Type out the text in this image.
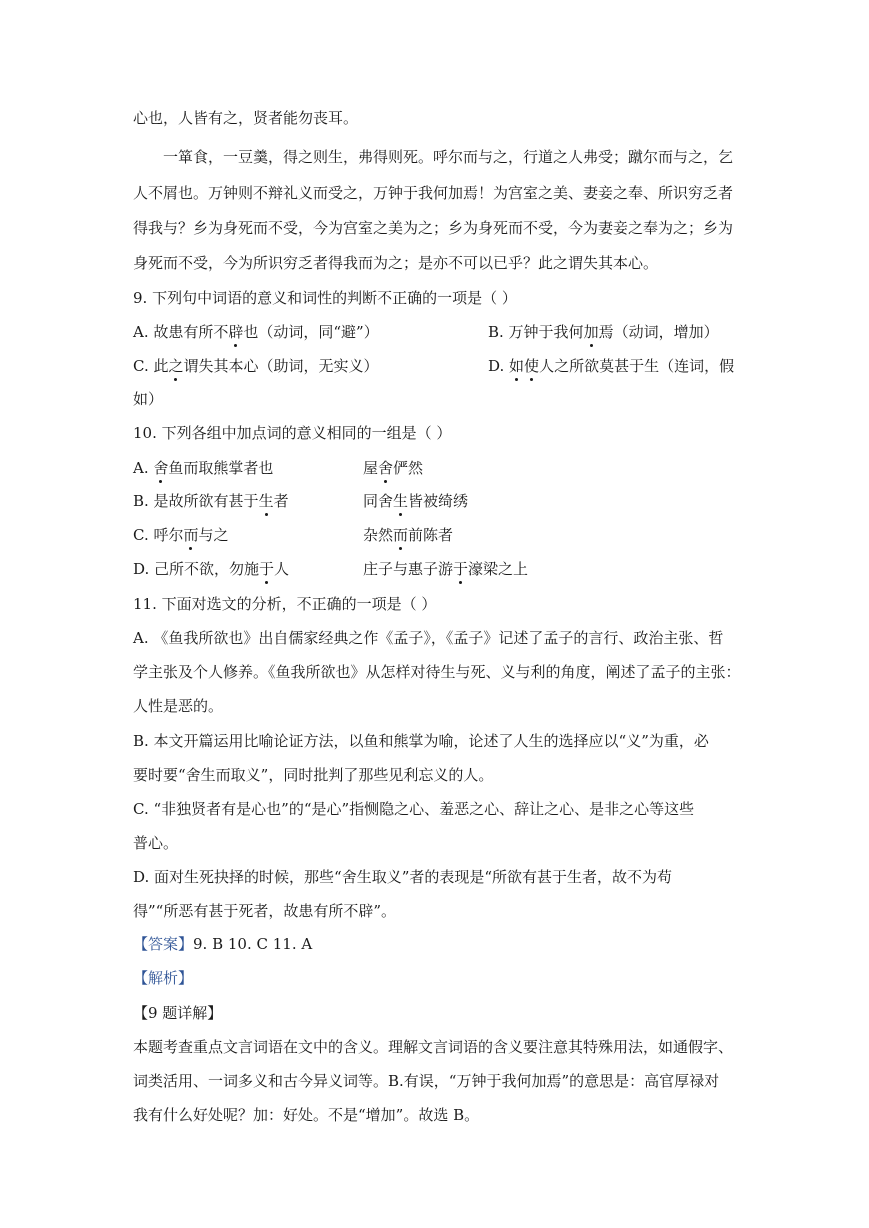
心也，人皆有之，贤者能勿丧耳。
一箪食，一豆羹，得之则生，弗得则死。呼尔而与之，行道之人弗受；蹴尔而与之，乞
人不屑也。万钟则不辩礼义而受之，万钟于我何加焉！为宫室之美、妻妾之奉、所识穷乏者
得我与？乡为身死而不受，今为宫室之美为之；乡为身死而不受，今为妻妾之奉为之；乡为
身死而不受，今为所识穷乏者得我而为之；是亦不可以已乎？此之谓失其本心。
9. 下列句中词语的意义和词性的判断不正确的一项是（ ）
A. 故患有所不辟也（动词，同“避”）	B. 万钟于我何加焉（动词，增加）
C. 此之谓失其本心（助词，无实义）	D. 如使人之所欲莫甚于生（连词，假
如）
10. 下列各组中加点词的意义相同的一组是（ ）
A. 舍鱼而取熊掌者也	屋舍俨然
B. 是故所欲有甚于生者	同舍生皆被绮绣
C. 呼尔而与之	杂然而前陈者
D. 己所不欲，勿施于人	庄子与惠子游于濠梁之上
11. 下面对选文的分析，不正确的一项是（ ）
A. 《鱼我所欲也》出自儒家经典之作《孟子》，《孟子》记述了孟子的言行、政治主张、哲
学主张及个人修养。《鱼我所欲也》从怎样对待生与死、义与利的角度，阐述了孟子的主张：
人性是恶的。
B. 本文开篇运用比喻论证方法，以鱼和熊掌为喻，论述了人生的选择应以“义”为重，必
要时要“舍生而取义”，同时批判了那些见利忘义的人。
C. “非独贤者有是心也”的“是心”指恻隐之心、羞恶之心、辞让之心、是非之心等这些
普心。
D. 面对生死抉择的时候，那些“舍生取义”者的表现是“所欲有甚于生者，故不为苟
得”“所恶有甚于死者，故患有所不辟”。
【答案】9. B 10. C 11. A
【解析】
【9 题详解】
本题考查重点文言词语在文中的含义。理解文言词语的含义要注意其特殊用法，如通假字、
词类活用、一词多义和古今异义词等。B.有误，“万钟于我何加焉”的意思是：高官厚禄对
我有什么好处呢？加：好处。不是“增加”。故选 B。
